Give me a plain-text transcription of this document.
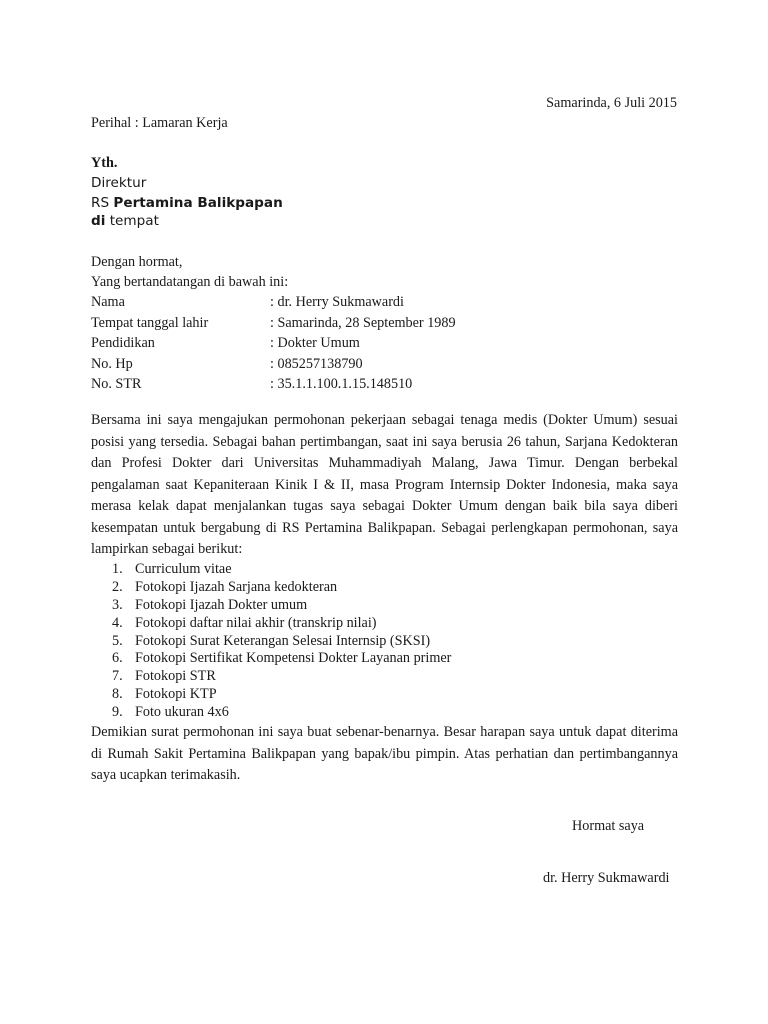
Samarinda, 6 Juli 2015
Perihal : Lamaran Kerja
Yth.
Direktur
RS Pertamina Balikpapan
di tempat
Dengan hormat,
Yang bertandatangan di bawah ini:
Nama	: dr. Herry Sukmawardi
Tempat tanggal lahir	: Samarinda, 28 September 1989
Pendidikan	: Dokter Umum
No. Hp	: 085257138790
No. STR	: 35.1.1.100.1.15.148510

Bersama ini saya mengajukan permohonan pekerjaan sebagai tenaga medis (Dokter Umum) sesuai posisi yang tersedia. Sebagai bahan pertimbangan, saat ini saya berusia 26 tahun, Sarjana Kedokteran dan Profesi Dokter dari Universitas Muhammadiyah Malang, Jawa Timur. Dengan berbekal pengalaman saat Kepaniteraan Kinik I & II, masa Program Internsip Dokter Indonesia, maka saya merasa kelak dapat menjalankan tugas saya sebagai Dokter Umum dengan baik bila saya diberi kesempatan untuk bergabung di RS Pertamina Balikpapan. Sebagai perlengkapan permohonan, saya lampirkan sebagai berikut:

1. Curriculum vitae
2. Fotokopi Ijazah Sarjana kedokteran
3. Fotokopi Ijazah Dokter umum
4. Fotokopi daftar nilai akhir (transkrip nilai)
5. Fotokopi Surat Keterangan Selesai Internsip (SKSI)
6. Fotokopi Sertifikat Kompetensi Dokter Layanan primer
7. Fotokopi STR
8. Fotokopi KTP
9. Foto ukuran 4x6

Demikian surat permohonan ini saya buat sebenar-benarnya. Besar harapan saya untuk dapat diterima di Rumah Sakit Pertamina Balikpapan yang bapak/ibu pimpin. Atas perhatian dan pertimbangannya saya ucapkan terimakasih.

Hormat saya
dr. Herry Sukmawardi
